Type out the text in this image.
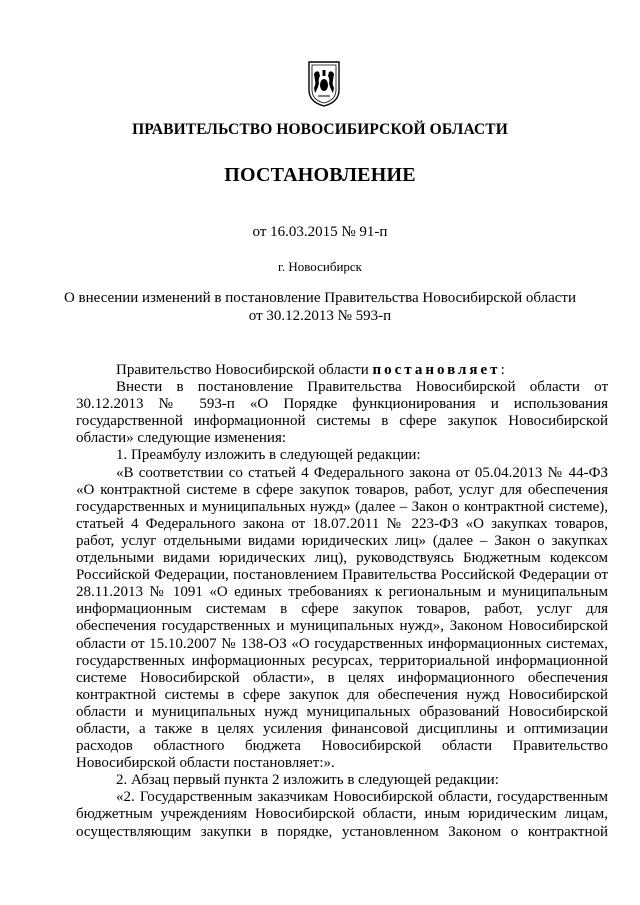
ПРАВИТЕЛЬСТВО НОВОСИБИРСКОЙ ОБЛАСТИ
ПОСТАНОВЛЕНИЕ
от 16.03.2015 № 91-п
г. Новосибирск
О внесении изменений в постановление Правительства Новосибирской области
от 30.12.2013 № 593-п

Правительство Новосибирской области постановляет:

Внести в постановление Правительства Новосибирской области от 30.12.2013 № 593-п «О Порядке функционирования и использования государственной информационной системы в сфере закупок Новосибирской области» следующие изменения:

1. Преамбулу изложить в следующей редакции:

«В соответствии со статьей 4 Федерального закона от 05.04.2013 № 44-ФЗ «О контрактной системе в сфере закупок товаров, работ, услуг для обеспечения государственных и муниципальных нужд» (далее – Закон о контрактной системе), статьей 4 Федерального закона от 18.07.2011 № 223-ФЗ «О закупках товаров, работ, услуг отдельными видами юридических лиц» (далее – Закон о закупках отдельными видами юридических лиц), руководствуясь Бюджетным кодексом Российской Федерации, постановлением Правительства Российской Федерации от 28.11.2013 № 1091 «О единых требованиях к региональным и муниципальным информационным системам в сфере закупок товаров, работ, услуг для обеспечения государственных и муниципальных нужд», Законом Новосибирской области от 15.10.2007 № 138-ОЗ «О государственных информационных системах, государственных информационных ресурсах, территориальной информационной системе Новосибирской области», в целях информационного обеспечения контрактной системы в сфере закупок для обеспечения нужд Новосибирской области и муниципальных нужд муниципальных образований Новосибирской области, а также в целях усиления финансовой дисциплины и оптимизации расходов областного бюджета Новосибирской области Правительство Новосибирской области постановляет:».

2. Абзац первый пункта 2 изложить в следующей редакции:

«2. Государственным заказчикам Новосибирской области, государственным бюджетным учреждениям Новосибирской области, иным юридическим лицам, осуществляющим закупки в порядке, установленном Законом о контрактной
